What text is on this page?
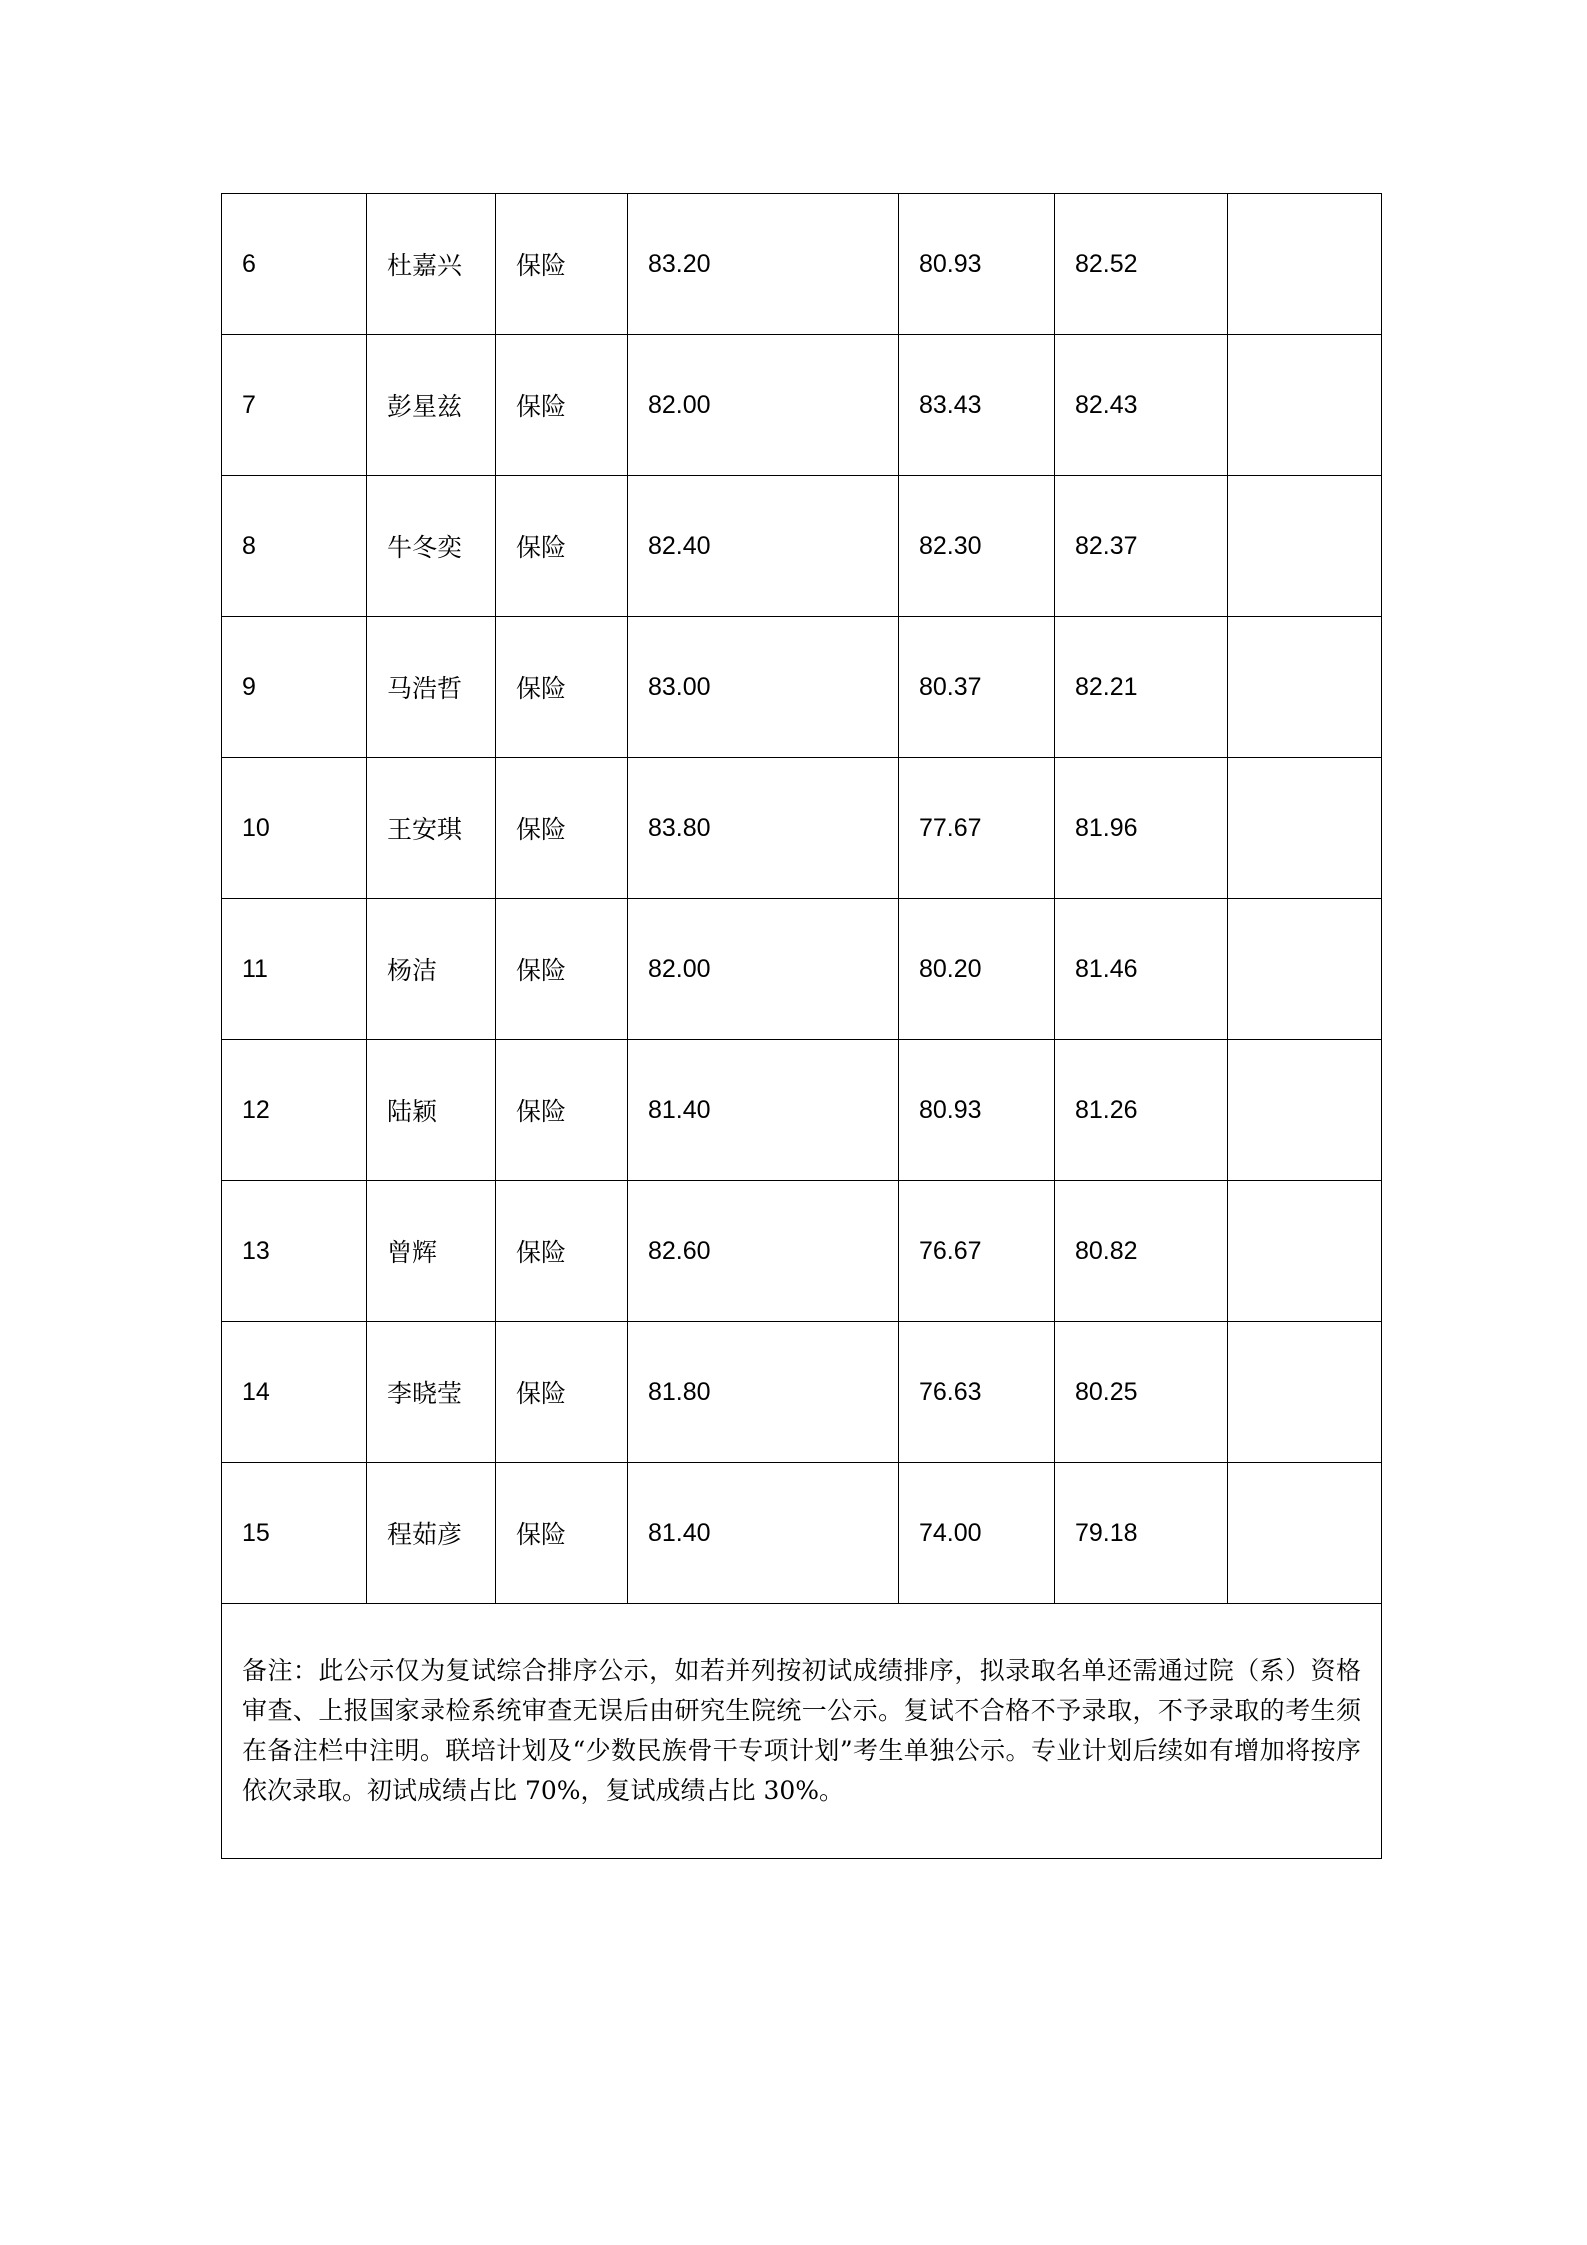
6	杜嘉兴	保险	83.20	80.93	82.52	
7	彭星兹	保险	82.00	83.43	82.43	
8	牛冬奕	保险	82.40	82.30	82.37	
9	马浩哲	保险	83.00	80.37	82.21	
10	王安琪	保险	83.80	77.67	81.96	
11	杨洁	保险	82.00	80.20	81.46	
12	陆颖	保险	81.40	80.93	81.26	
13	曾辉	保险	82.60	76.67	80.82	
14	李晓莹	保险	81.80	76.63	80.25	
15	程茹彦	保险	81.40	74.00	79.18	

备注：此公示仅为复试综合排序公示，如若并列按初试成绩排序，拟录取名单还需通过院（系）资格审查、上报国家录检系统审查无误后由研究生院统一公示。复试不合格不予录取，不予录取的考生须在备注栏中注明。联培计划及“少数民族骨干专项计划”考生单独公示。专业计划后续如有增加将按序依次录取。初试成绩占比 70%，复试成绩占比 30%。						
